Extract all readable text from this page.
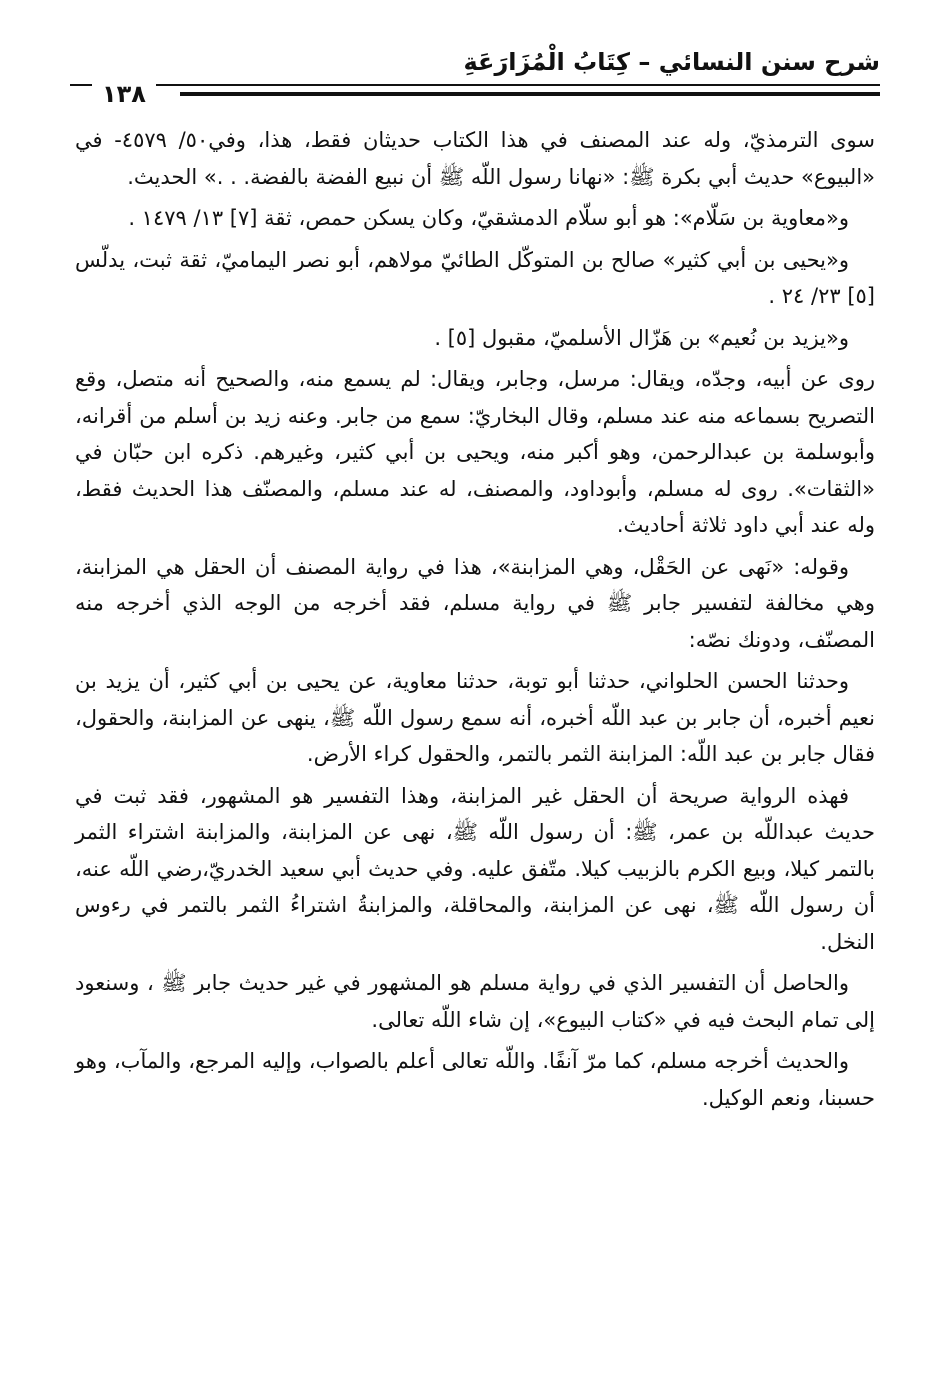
شرح سنن النسائي – كِتَابُ الْمُزَارَعَةِ
١٣٨

سوى الترمذيّ، وله عند المصنف في هذا الكتاب حديثان فقط، هذا، وفي٥٠/ ٤٥٧٩- في «البيوع» حديث أبي بكرة ﷺ: «نهانا رسول اللّه ﷺ أن نبيع الفضة بالفضة. . .» الحديث.

و«معاوية بن سَلّام»: هو أبو سلّام الدمشقيّ، وكان يسكن حمص، ثقة [٧] ١٣/ ١٤٧٩ .

و«يحيى بن أبي كثير» صالح بن المتوكّل الطائيّ مولاهم، أبو نصر اليماميّ، ثقة ثبت، يدلّس [٥] ٢٣/ ٢٤ .

و«يزيد بن نُعيم» بن هَزّال الأسلميّ، مقبول [٥] .

روى عن أبيه، وجدّه، ويقال: مرسل، وجابر، ويقال: لم يسمع منه، والصحيح أنه متصل، وقع التصريح بسماعه منه عند مسلم، وقال البخاريّ: سمع من جابر. وعنه زيد بن أسلم من أقرانه، وأبوسلمة بن عبدالرحمن، وهو أكبر منه، ويحيى بن أبي كثير، وغيرهم. ذكره ابن حبّان في «الثقات». روى له مسلم، وأبوداود، والمصنف، له عند مسلم، والمصنّف هذا الحديث فقط، وله عند أبي داود ثلاثة أحاديث.

وقوله: «نَهى عن الحَقْل، وهي المزابنة»، هذا في رواية المصنف أن الحقل هي المزابنة، وهي مخالفة لتفسير جابر ﷺ في رواية مسلم، فقد أخرجه من الوجه الذي أخرجه منه المصنّف، ودونك نصّه:

وحدثنا الحسن الحلواني، حدثنا أبو توبة، حدثنا معاوية، عن يحيى بن أبي كثير، أن يزيد بن نعيم أخبره، أن جابر بن عبد اللّه أخبره، أنه سمع رسول اللّه ﷺ، ينهى عن المزابنة، والحقول، فقال جابر بن عبد اللّه: المزابنة الثمر بالتمر، والحقول كراء الأرض.

فهذه الرواية صريحة أن الحقل غير المزابنة، وهذا التفسير هو المشهور، فقد ثبت في حديث عبداللّه بن عمر، ﷺ: أن رسول اللّه ﷺ، نهى عن المزابنة، والمزابنة اشتراء الثمر بالتمر كيلا، وبيع الكرم بالزبيب كيلا. متّفق عليه. وفي حديث أبي سعيد الخدريّ،رضي اللّه عنه، أن رسول اللّه ﷺ، نهى عن المزابنة، والمحاقلة، والمزابنةُ اشتراءُ الثمر بالتمر في رءوس النخل.

والحاصل أن التفسير الذي في رواية مسلم هو المشهور في غير حديث جابر ﷺ ، وسنعود إلى تمام البحث فيه في «كتاب البيوع»، إن شاء اللّه تعالى.

والحديث أخرجه مسلم، كما مرّ آنفًا. واللّه تعالى أعلم بالصواب، وإليه المرجع، والمآب، وهو حسبنا، ونعم الوكيل.
